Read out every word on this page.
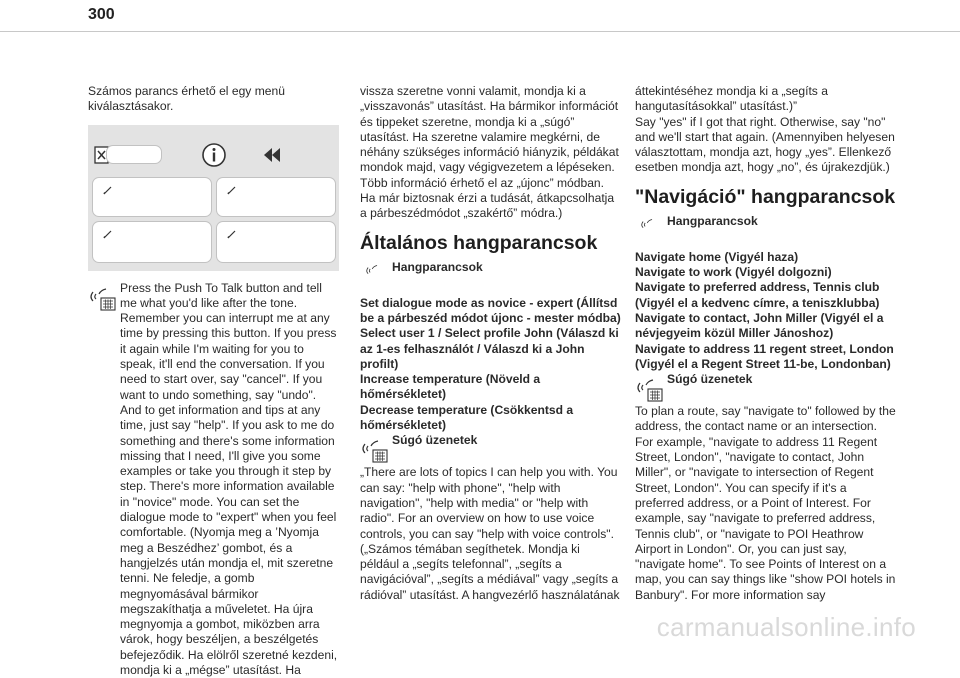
300

Számos parancs érhető el egy menü kiválasztásakor.

Press the Push To Talk button and tell me what you'd like after the tone. Remember you can interrupt me at any time by pressing this button. If you press it again while I'm waiting for you to speak, it'll end the conversation. If you need to start over, say "cancel". If you want to undo something, say "undo". And to get information and tips at any time, just say "help". If you ask to me do something and there's some information missing that I need, I'll give you some examples or take you through it step by step. There's more information available in "novice" mode. You can set the dialogue mode to "expert" when you feel comfortable. (Nyomja meg a ’Nyomja meg a Beszédhez’ gombot, és a hangjelzés után mondja el, mit szeretne tenni. Ne feledje, a gomb megnyomásával bármikor megszakíthatja a műveletet. Ha újra megnyomja a gombot, miközben arra várok, hogy beszéljen, a beszélgetés befejeződik. Ha elölről szeretné kezdeni, mondja ki a „mégse” utasítást. Ha

vissza szeretne vonni valamit, mondja ki a „visszavonás” utasítást. Ha bármikor információt és tippeket szeretne, mondja ki a „súgó” utasítást. Ha szeretne valamire megkérni, de néhány szükséges információ hiányzik, példákat mondok majd, vagy végigvezetem a lépéseken. Több információ érhető el az „újonc” módban. Ha már biztosnak érzi a tudását, átkapcsolhatja a párbeszédmódot „szakértő” módra.)

Általános hangparancsok
Hangparancsok

Set dialogue mode as novice - expert (Állítsd be a párbeszéd módot újonc - mester módba)
Select user 1 / Select profile John (Válaszd ki az 1-es felhasználót / Válaszd ki a John profilt)
Increase temperature (Növeld a hőmérsékletet)
Decrease temperature (Csökkentsd a hőmérsékletet)

Súgó üzenetek

„There are lots of topics I can help you with. You can say: "help with phone", "help with navigation", "help with media" or "help with radio". For an overview on how to use voice controls, you can say "help with voice controls". („Számos témában segíthetek. Mondja ki például a „segíts telefonnal”, „segíts a navigációval”, „segíts a médiával” vagy „segíts a rádióval” utasítást. A hangvezérlő használatának

áttekintéséhez mondja ki a „segíts a hangutasításokkal” utasítást.)”
Say "yes" if I got that right. Otherwise, say "no" and we'll start that again. (Amennyiben helyesen választottam, mondja azt, hogy „yes”. Ellenkező esetben mondja azt, hogy „no”, és újrakezdjük.)

"Navigáció" hangparancsok
Hangparancsok

Navigate home (Vigyél haza)
Navigate to work (Vigyél dolgozni)
Navigate to preferred address, Tennis club (Vigyél el a kedvenc címre, a teniszklubba)
Navigate to contact, John Miller (Vigyél el a névjegyeim közül Miller Jánoshoz)
Navigate to address 11 regent street, London (Vigyél el a Regent Street 11-be, Londonban)

Súgó üzenetek

To plan a route, say "navigate to" followed by the address, the contact name or an intersection. For example, "navigate to address 11 Regent Street, London", "navigate to contact, John Miller", or "navigate to intersection of Regent Street, London". You can specify if it's a preferred address, or a Point of Interest. For example, say "navigate to preferred address, Tennis club", or "navigate to POI Heathrow Airport in London". Or, you can just say, "navigate home". To see Points of Interest on a map, you can say things like "show POI hotels in Banbury". For more information say

carmanualsonline.info
